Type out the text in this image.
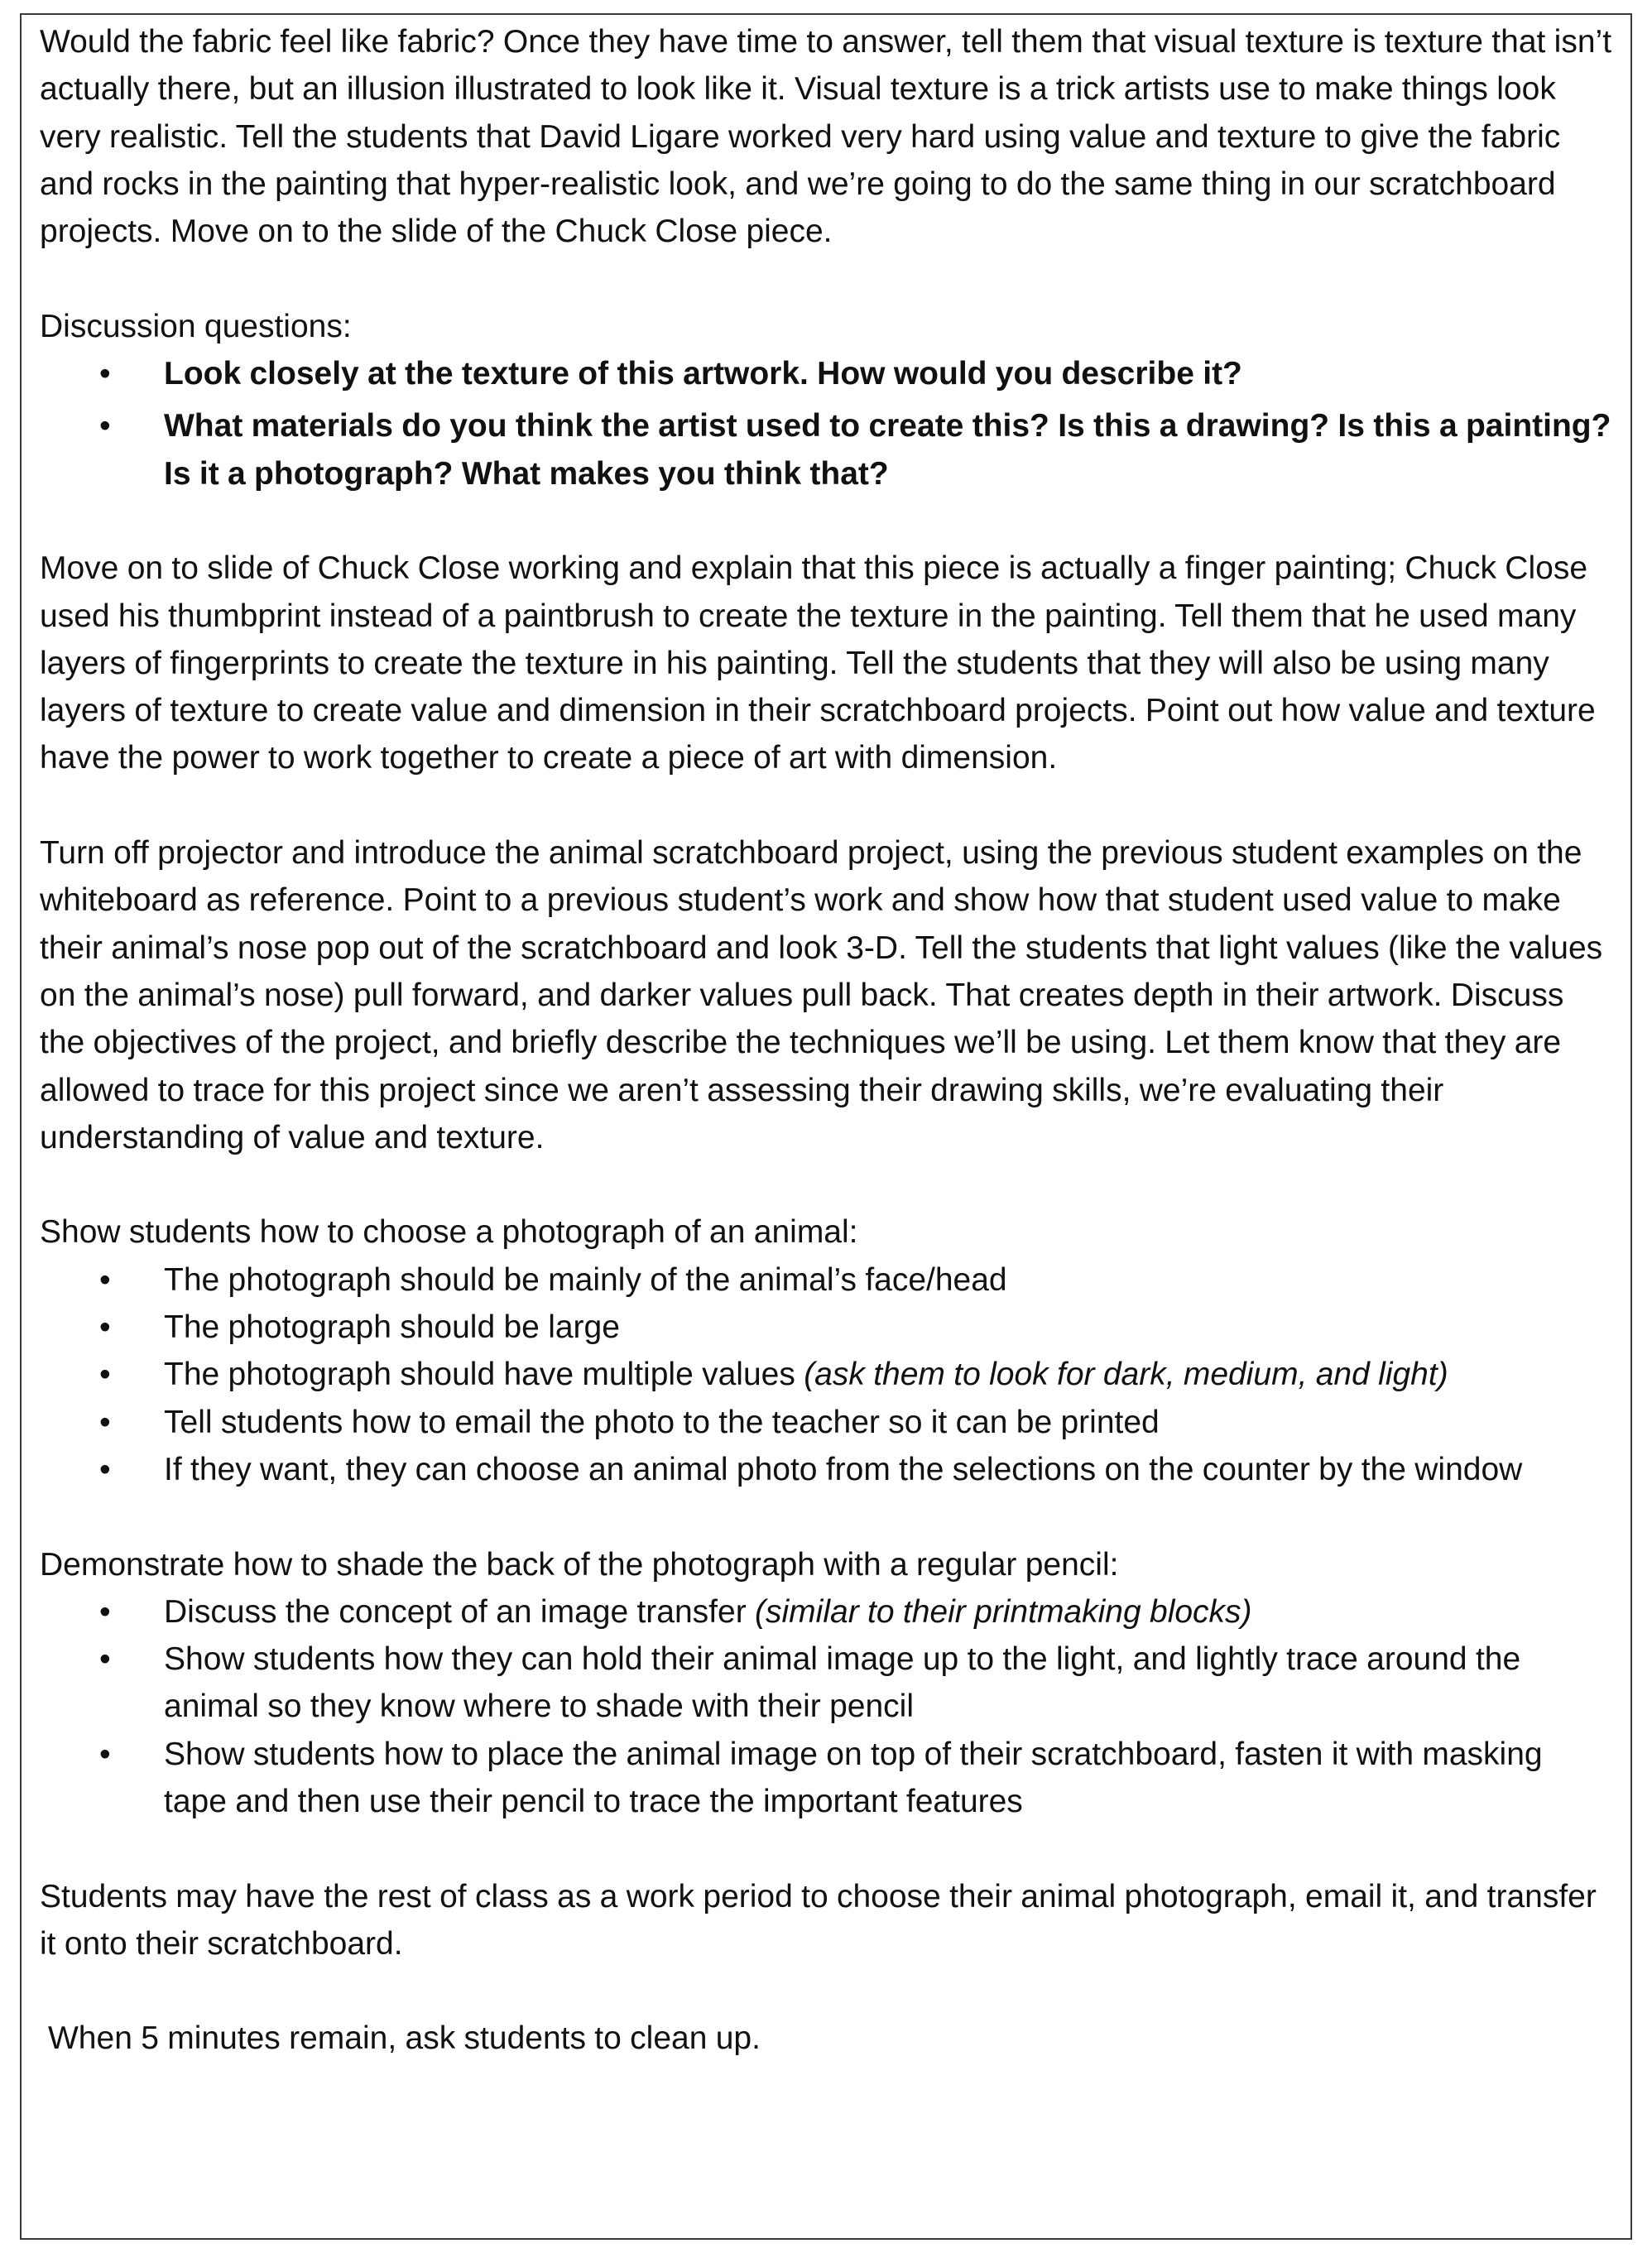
Would the fabric feel like fabric? Once they have time to answer, tell them that visual texture is texture that isn’t actually there, but an illusion illustrated to look like it. Visual texture is a trick artists use to make things look very realistic. Tell the students that David Ligare worked very hard using value and texture to give the fabric and rocks in the painting that hyper-realistic look, and we’re going to do the same thing in our scratchboard projects. Move on to the slide of the Chuck Close piece.

Discussion questions:

• Look closely at the texture of this artwork. How would you describe it?
• What materials do you think the artist used to create this? Is this a drawing? Is this a painting? Is it a photograph? What makes you think that?

Move on to slide of Chuck Close working and explain that this piece is actually a finger painting; Chuck Close used his thumbprint instead of a paintbrush to create the texture in the painting. Tell them that he used many layers of fingerprints to create the texture in his painting. Tell the students that they will also be using many layers of texture to create value and dimension in their scratchboard projects. Point out how value and texture have the power to work together to create a piece of art with dimension.

Turn off projector and introduce the animal scratchboard project, using the previous student examples on the whiteboard as reference. Point to a previous student’s work and show how that student used value to make their animal’s nose pop out of the scratchboard and look 3-D. Tell the students that light values (like the values on the animal’s nose) pull forward, and darker values pull back. That creates depth in their artwork. Discuss the objectives of the project, and briefly describe the techniques we’ll be using. Let them know that they are allowed to trace for this project since we aren’t assessing their drawing skills, we’re evaluating their understanding of value and texture.

Show students how to choose a photograph of an animal:

• The photograph should be mainly of the animal’s face/head
• The photograph should be large
• The photograph should have multiple values (ask them to look for dark, medium, and light)
• Tell students how to email the photo to the teacher so it can be printed
• If they want, they can choose an animal photo from the selections on the counter by the window

Demonstrate how to shade the back of the photograph with a regular pencil:

• Discuss the concept of an image transfer (similar to their printmaking blocks)
• Show students how they can hold their animal image up to the light, and lightly trace around the animal so they know where to shade with their pencil
• Show students how to place the animal image on top of their scratchboard, fasten it with masking tape and then use their pencil to trace the important features

Students may have the rest of class as a work period to choose their animal photograph, email it, and transfer it onto their scratchboard.

When 5 minutes remain, ask students to clean up.
